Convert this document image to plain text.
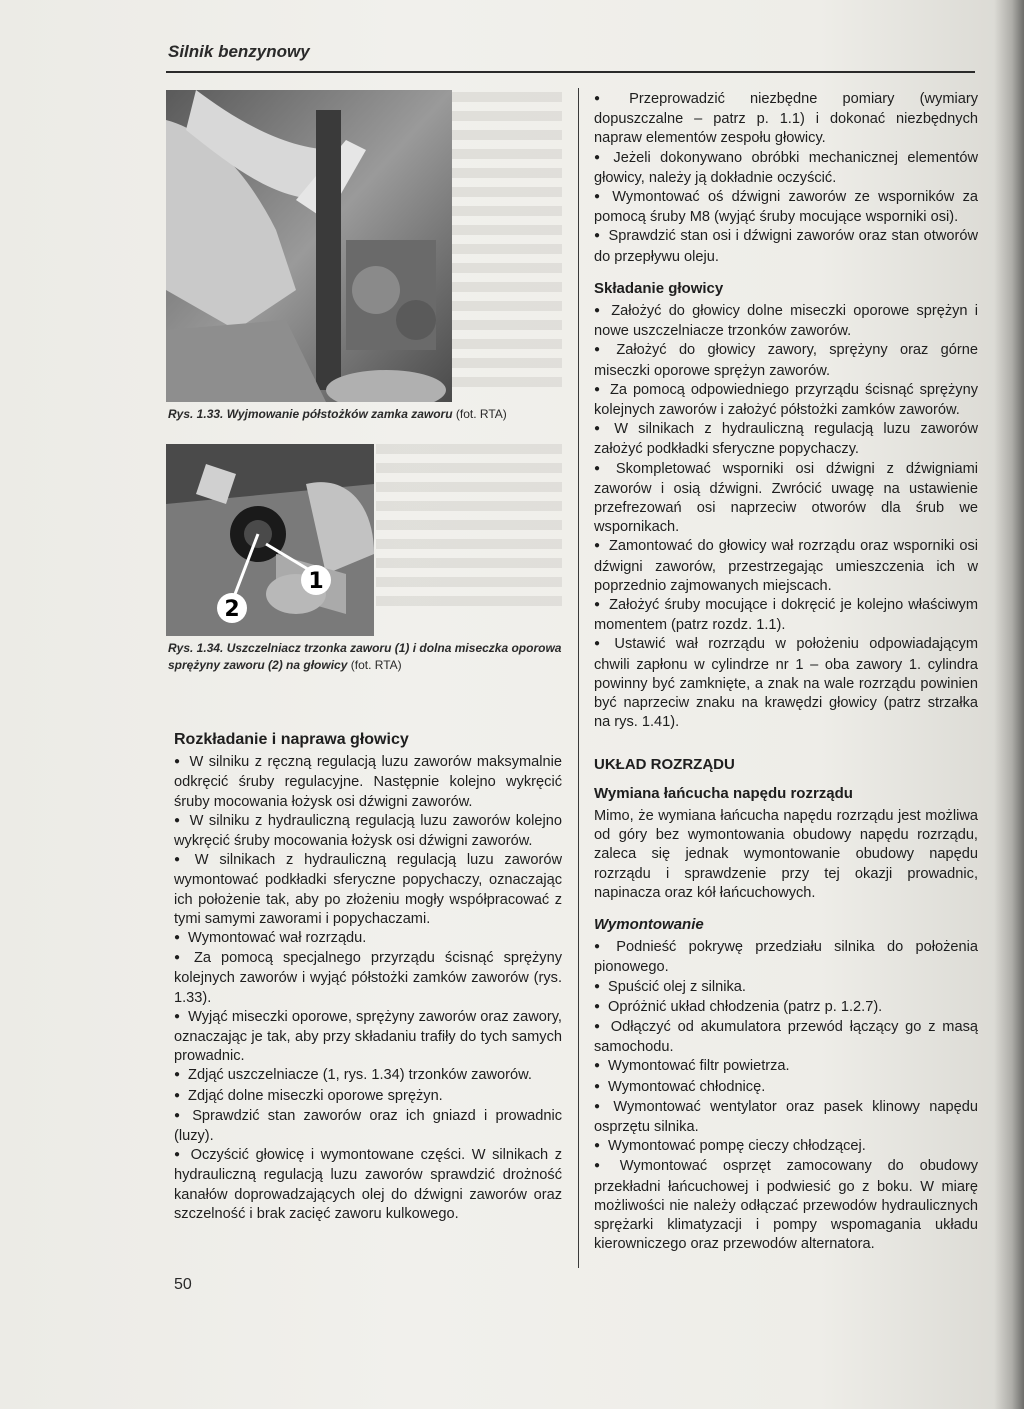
Silnik benzynowy
Rys. 1.33. Wyjmowanie półstożków zamka zaworu (fot. RTA)
2
1
Rys. 1.34. Uszczelniacz trzonka zaworu (1) i dolna miseczka oporowa sprężyny zaworu (2) na głowicy (fot. RTA)

Rozkładanie i naprawa głowicy

● W silniku z ręczną regulacją luzu zaworów maksymalnie odkręcić śruby regulacyjne. Następnie kolejno wykręcić śruby mocowania łożysk osi dźwigni zaworów.

● W silniku z hydrauliczną regulacją luzu zaworów kolejno wykręcić śruby mocowania łożysk osi dźwigni zaworów.

● W silnikach z hydrauliczną regulacją luzu zaworów wymontować podkładki sferyczne popychaczy, oznaczając ich położenie tak, aby po złożeniu mogły współpracować z tymi samymi zaworami i popychaczami.

● Wymontować wał rozrządu.

● Za pomocą specjalnego przyrządu ścisnąć sprężyny kolejnych zaworów i wyjąć półstożki zamków zaworów (rys. 1.33).

● Wyjąć miseczki oporowe, sprężyny zaworów oraz zawory, oznaczając je tak, aby przy składaniu trafiły do tych samych prowadnic.

● Zdjąć uszczelniacze (1, rys. 1.34) trzonków zaworów.

● Zdjąć dolne miseczki oporowe sprężyn.

● Sprawdzić stan zaworów oraz ich gniazd i prowadnic (luzy).

● Oczyścić głowicę i wymontowane części. W silnikach z hydrauliczną regulacją luzu zaworów sprawdzić drożność kanałów doprowadzających olej do dźwigni zaworów oraz szczelność i brak zacięć zaworu kulkowego.

50

● Przeprowadzić niezbędne pomiary (wymiary dopuszczalne – patrz p. 1.1) i dokonać niezbędnych napraw elementów zespołu głowicy.

● Jeżeli dokonywano obróbki mechanicznej elementów głowicy, należy ją dokładnie oczyścić.

● Wymontować oś dźwigni zaworów ze wsporników za pomocą śruby M8 (wyjąć śruby mocujące wsporniki osi).

● Sprawdzić stan osi i dźwigni zaworów oraz stan otworów do przepływu oleju.

Składanie głowicy

● Założyć do głowicy dolne miseczki oporowe sprężyn i nowe uszczelniacze trzonków zaworów.

● Założyć do głowicy zawory, sprężyny oraz górne miseczki oporowe sprężyn zaworów.

● Za pomocą odpowiedniego przyrządu ścisnąć sprężyny kolejnych zaworów i założyć półstożki zamków zaworów.

● W silnikach z hydrauliczną regulacją luzu zaworów założyć podkładki sferyczne popychaczy.

● Skompletować wsporniki osi dźwigni z dźwigniami zaworów i osią dźwigni. Zwrócić uwagę na ustawienie przefrezowań osi naprzeciw otworów dla śrub we wspornikach.

● Zamontować do głowicy wał rozrządu oraz wsporniki osi dźwigni zaworów, przestrzegając umieszczenia ich w poprzednio zajmowanych miejscach.

● Założyć śruby mocujące i dokręcić je kolejno właściwym momentem (patrz rozdz. 1.1).

● Ustawić wał rozrządu w położeniu odpowiadającym chwili zapłonu w cylindrze nr 1 – oba zawory 1. cylindra powinny być zamknięte, a znak na wale rozrządu powinien być naprzeciw znaku na krawędzi głowicy (patrz strzałka na rys. 1.41).

UKŁAD ROZRZĄDU

Wymiana łańcucha napędu rozrządu

Mimo, że wymiana łańcucha napędu rozrządu jest możliwa od góry bez wymontowania obudowy napędu rozrządu, zaleca się jednak wymontowanie obudowy napędu rozrządu i sprawdzenie przy tej okazji prowadnic, napinacza oraz kół łańcuchowych.

Wymontowanie

● Podnieść pokrywę przedziału silnika do położenia pionowego.

● Spuścić olej z silnika.

● Opróżnić układ chłodzenia (patrz p. 1.2.7).

● Odłączyć od akumulatora przewód łączący go z masą samochodu.

● Wymontować filtr powietrza.

● Wymontować chłodnicę.

● Wymontować wentylator oraz pasek klinowy napędu osprzętu silnika.

● Wymontować pompę cieczy chłodzącej.

● Wymontować osprzęt zamocowany do obudowy przekładni łańcuchowej i podwiesić go z boku. W miarę możliwości nie należy odłączać przewodów hydraulicznych sprężarki klimatyzacji i pompy wspomagania układu kierowniczego oraz przewodów alternatora.
